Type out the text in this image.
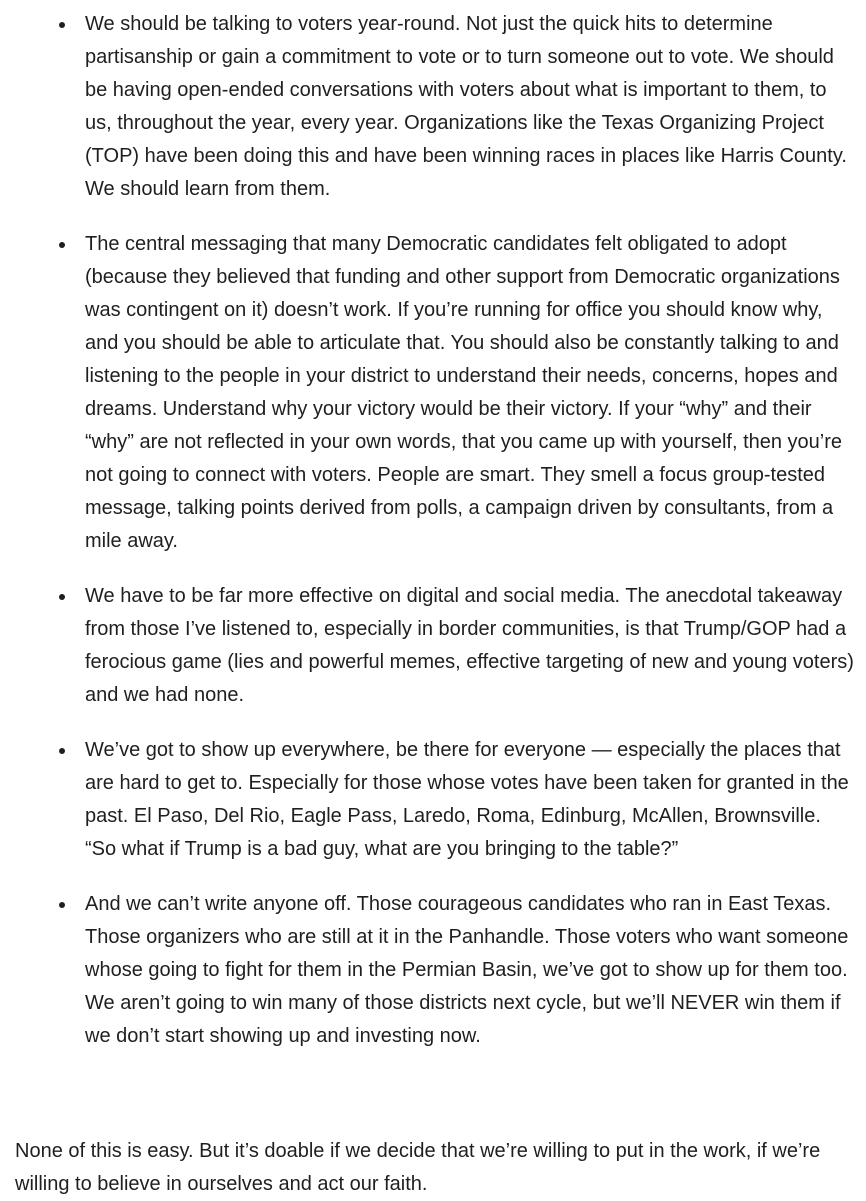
We should be talking to voters year-round. Not just the quick hits to determine partisanship or gain a commitment to vote or to turn someone out to vote. We should be having open-ended conversations with voters about what is important to them, to us, throughout the year, every year. Organizations like the Texas Organizing Project (TOP) have been doing this and have been winning races in places like Harris County. We should learn from them.
The central messaging that many Democratic candidates felt obligated to adopt (because they believed that funding and other support from Democratic organizations was contingent on it) doesn’t work. If you’re running for office you should know why, and you should be able to articulate that. You should also be constantly talking to and listening to the people in your district to understand their needs, concerns, hopes and dreams. Understand why your victory would be their victory. If your “why” and their “why” are not reflected in your own words, that you came up with yourself, then you’re not going to connect with voters. People are smart. They smell a focus group-tested message, talking points derived from polls, a campaign driven by consultants, from a mile away.
We have to be far more effective on digital and social media. The anecdotal takeaway from those I’ve listened to, especially in border communities, is that Trump/GOP had a ferocious game (lies and powerful memes, effective targeting of new and young voters) and we had none.
We’ve got to show up everywhere, be there for everyone — especially the places that are hard to get to. Especially for those whose votes have been taken for granted in the past. El Paso, Del Rio, Eagle Pass, Laredo, Roma, Edinburg, McAllen, Brownsville. “So what if Trump is a bad guy, what are you bringing to the table?”
And we can’t write anyone off. Those courageous candidates who ran in East Texas. Those organizers who are still at it in the Panhandle. Those voters who want someone whose going to fight for them in the Permian Basin, we’ve got to show up for them too. We aren’t going to win many of those districts next cycle, but we’ll NEVER win them if we don’t start showing up and investing now.

None of this is easy. But it’s doable if we decide that we’re willing to put in the work, if we’re willing to believe in ourselves and act our faith.
